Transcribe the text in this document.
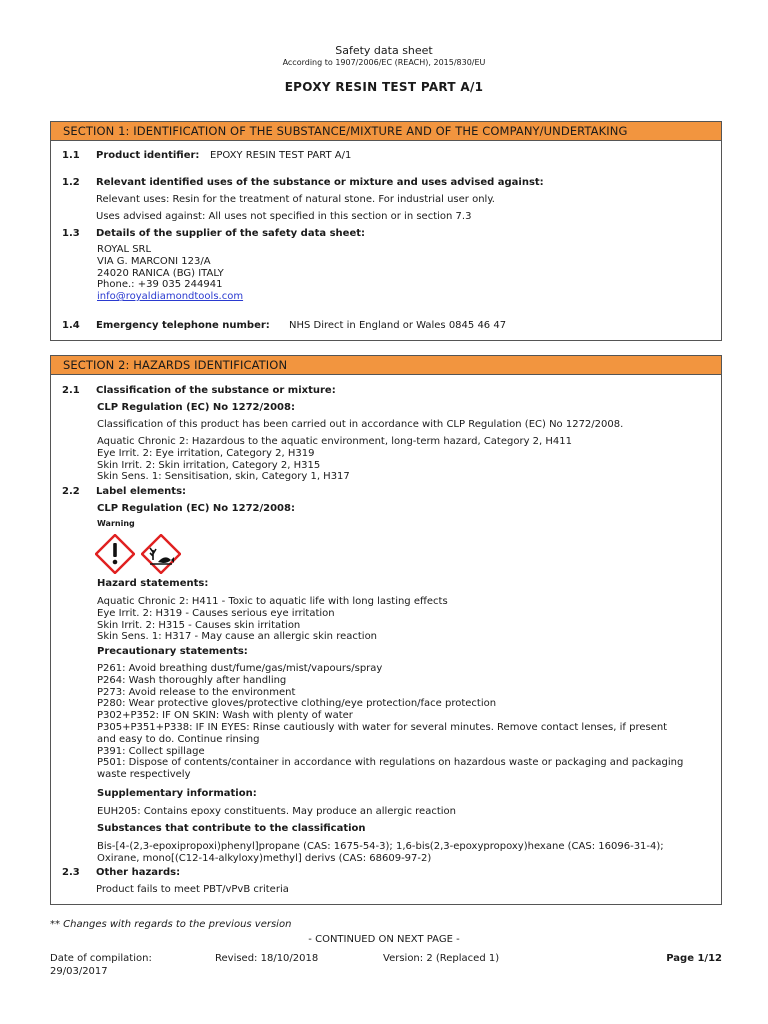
Safety data sheet
According to 1907/2006/EC (REACH), 2015/830/EU
EPOXY RESIN TEST PART A/1
SECTION 1: IDENTIFICATION OF THE SUBSTANCE/MIXTURE AND OF THE COMPANY/UNDERTAKING
1.1 Product identifier: EPOXY RESIN TEST PART A/1
1.2 Relevant identified uses of the substance or mixture and uses advised against:
Relevant uses: Resin for the treatment of natural stone. For industrial user only.
Uses advised against: All uses not specified in this section or in section 7.3
1.3 Details of the supplier of the safety data sheet:
ROYAL SRL
VIA G. MARCONI 123/A
24020 RANICA (BG) ITALY
Phone.: +39 035 244941
info@royaldiamondtools.com
1.4 Emergency telephone number: NHS Direct in England or Wales 0845 46 47
SECTION 2: HAZARDS IDENTIFICATION
2.1 Classification of the substance or mixture:
CLP Regulation (EC) No 1272/2008:
Classification of this product has been carried out in accordance with CLP Regulation (EC) No 1272/2008.
Aquatic Chronic 2: Hazardous to the aquatic environment, long-term hazard, Category 2, H411
Eye Irrit. 2: Eye irritation, Category 2, H319
Skin Irrit. 2: Skin irritation, Category 2, H315
Skin Sens. 1: Sensitisation, skin, Category 1, H317
2.2 Label elements:
CLP Regulation (EC) No 1272/2008:
Warning
Hazard statements:
Aquatic Chronic 2: H411 - Toxic to aquatic life with long lasting effects
Eye Irrit. 2: H319 - Causes serious eye irritation
Skin Irrit. 2: H315 - Causes skin irritation
Skin Sens. 1: H317 - May cause an allergic skin reaction
Precautionary statements:
P261: Avoid breathing dust/fume/gas/mist/vapours/spray
P264: Wash thoroughly after handling
P273: Avoid release to the environment
P280: Wear protective gloves/protective clothing/eye protection/face protection
P302+P352: IF ON SKIN: Wash with plenty of water
P305+P351+P338: IF IN EYES: Rinse cautiously with water for several minutes. Remove contact lenses, if present
and easy to do. Continue rinsing
P391: Collect spillage
P501: Dispose of contents/container in accordance with regulations on hazardous waste or packaging and packaging
waste respectively
Supplementary information:
EUH205: Contains epoxy constituents. May produce an allergic reaction
Substances that contribute to the classification
Bis-[4-(2,3-epoxipropoxi)phenyl]propane (CAS: 1675-54-3); 1,6-bis(2,3-epoxypropoxy)hexane (CAS: 16096-31-4);
Oxirane, mono[(C12-14-alkyloxy)methyl] derivs (CAS: 68609-97-2)
2.3 Other hazards:
Product fails to meet PBT/vPvB criteria
** Changes with regards to the previous version
- CONTINUED ON NEXT PAGE -
Date of compilation:
29/03/2017
Revised: 18/10/2018	Version: 2 (Replaced 1)	Page 1/12
